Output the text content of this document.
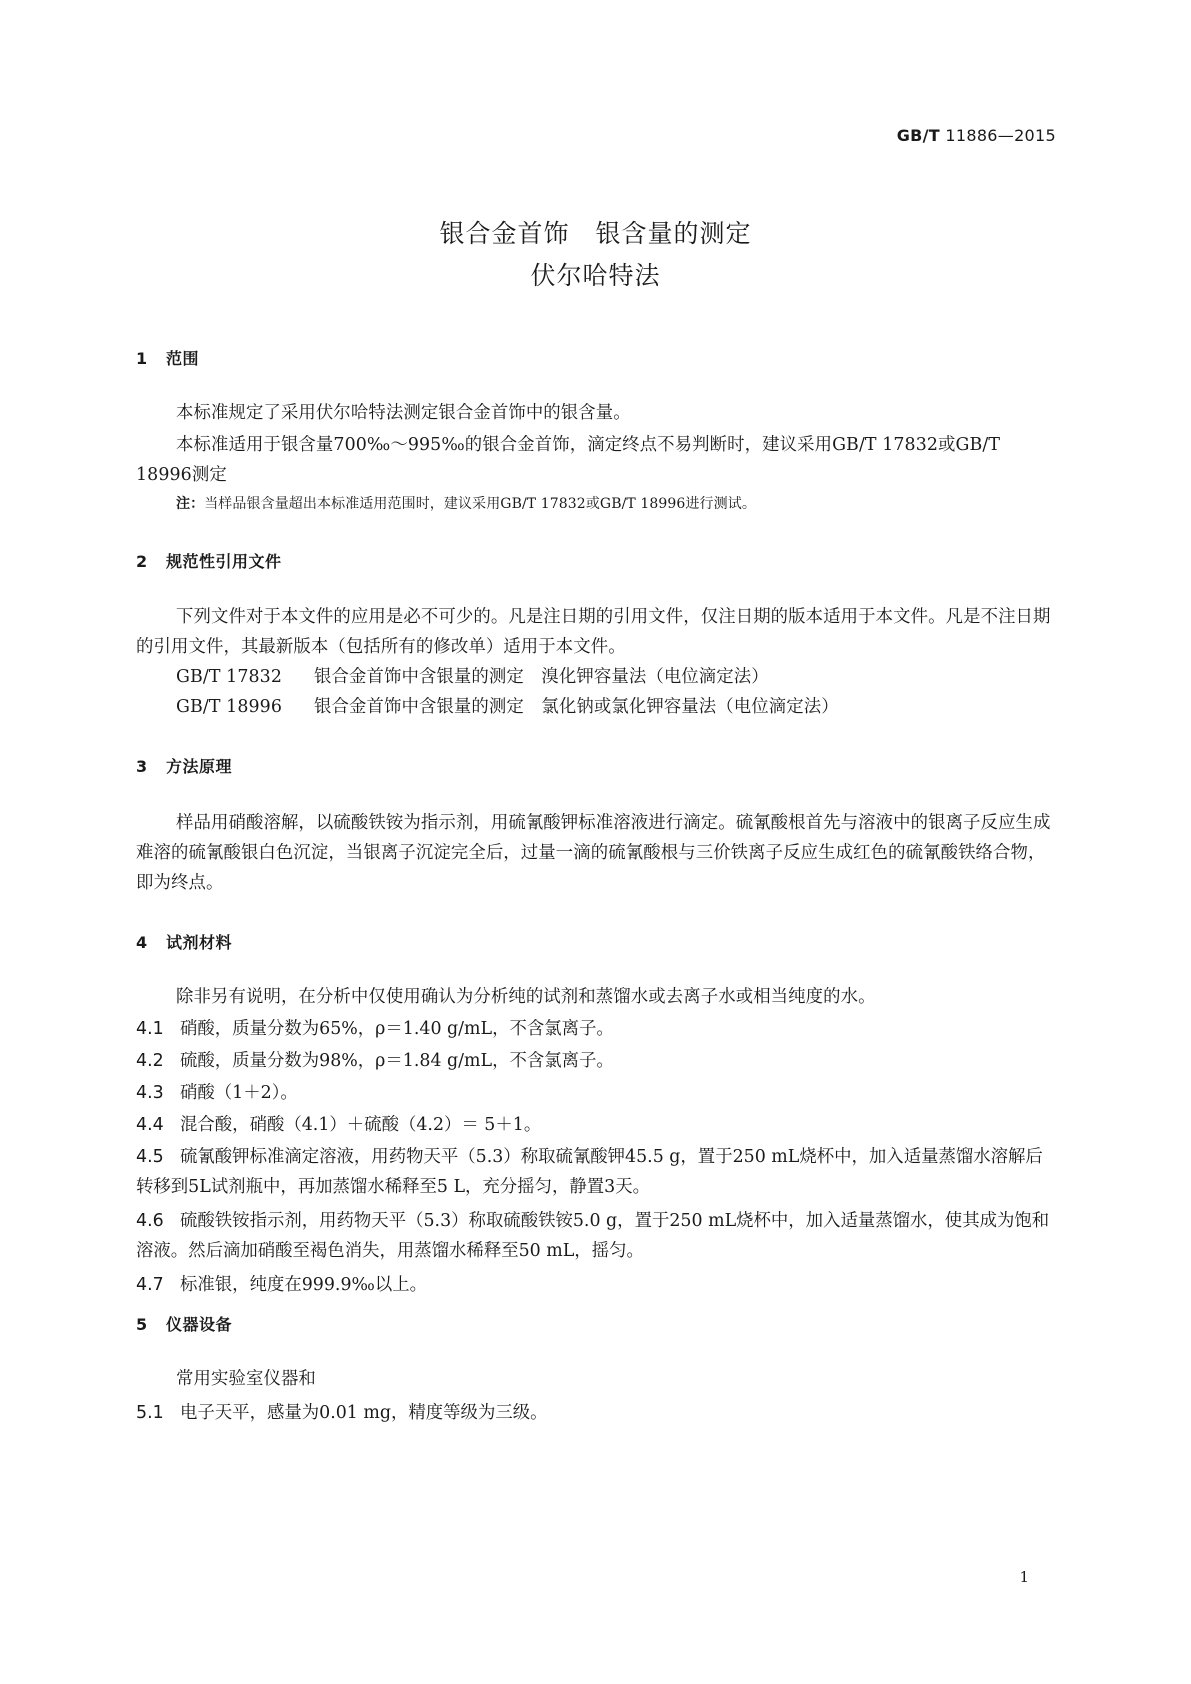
GB/T 11886—2015
银合金首饰　银含量的测定
伏尔哈特法
1 范围
本标准规定了采用伏尔哈特法测定银合金首饰中的银含量。
本标准适用于银含量700‰～995‰的银合金首饰，滴定终点不易判断时，建议采用GB/T 17832或GB/T 18996测定
注：当样品银含量超出本标准适用范围时，建议采用GB/T 17832或GB/T 18996进行测试。
2 规范性引用文件
下列文件对于本文件的应用是必不可少的。凡是注日期的引用文件，仅注日期的版本适用于本文件。凡是不注日期的引用文件，其最新版本（包括所有的修改单）适用于本文件。
GB/T 17832 银合金首饰中含银量的测定　溴化钾容量法（电位滴定法）
GB/T 18996 银合金首饰中含银量的测定　氯化钠或氯化钾容量法（电位滴定法）
3 方法原理
样品用硝酸溶解，以硫酸铁铵为指示剂，用硫氰酸钾标准溶液进行滴定。硫氰酸根首先与溶液中的银离子反应生成难溶的硫氰酸银白色沉淀，当银离子沉淀完全后，过量一滴的硫氰酸根与三价铁离子反应生成红色的硫氰酸铁络合物，即为终点。
4 试剂材料
除非另有说明，在分析中仅使用确认为分析纯的试剂和蒸馏水或去离子水或相当纯度的水。
4.1 硝酸，质量分数为65%，ρ＝1.40 g/mL，不含氯离子。
4.2 硫酸，质量分数为98%，ρ＝1.84 g/mL，不含氯离子。
4.3 硝酸（1＋2）。
4.4 混合酸，硝酸（4.1）＋硫酸（4.2）＝ 5＋1。
4.5 硫氰酸钾标准滴定溶液，用药物天平（5.3）称取硫氰酸钾45.5 g，置于250 mL烧杯中，加入适量蒸馏水溶解后转移到5L试剂瓶中，再加蒸馏水稀释至5 L，充分摇匀，静置3天。
4.6 硫酸铁铵指示剂，用药物天平（5.3）称取硫酸铁铵5.0 g，置于250 mL烧杯中，加入适量蒸馏水，使其成为饱和溶液。然后滴加硝酸至褐色消失，用蒸馏水稀释至50 mL，摇匀。
4.7 标准银，纯度在999.9‰以上。
5 仪器设备
常用实验室仪器和
5.1 电子天平，感量为0.01 mg，精度等级为三级。
1
